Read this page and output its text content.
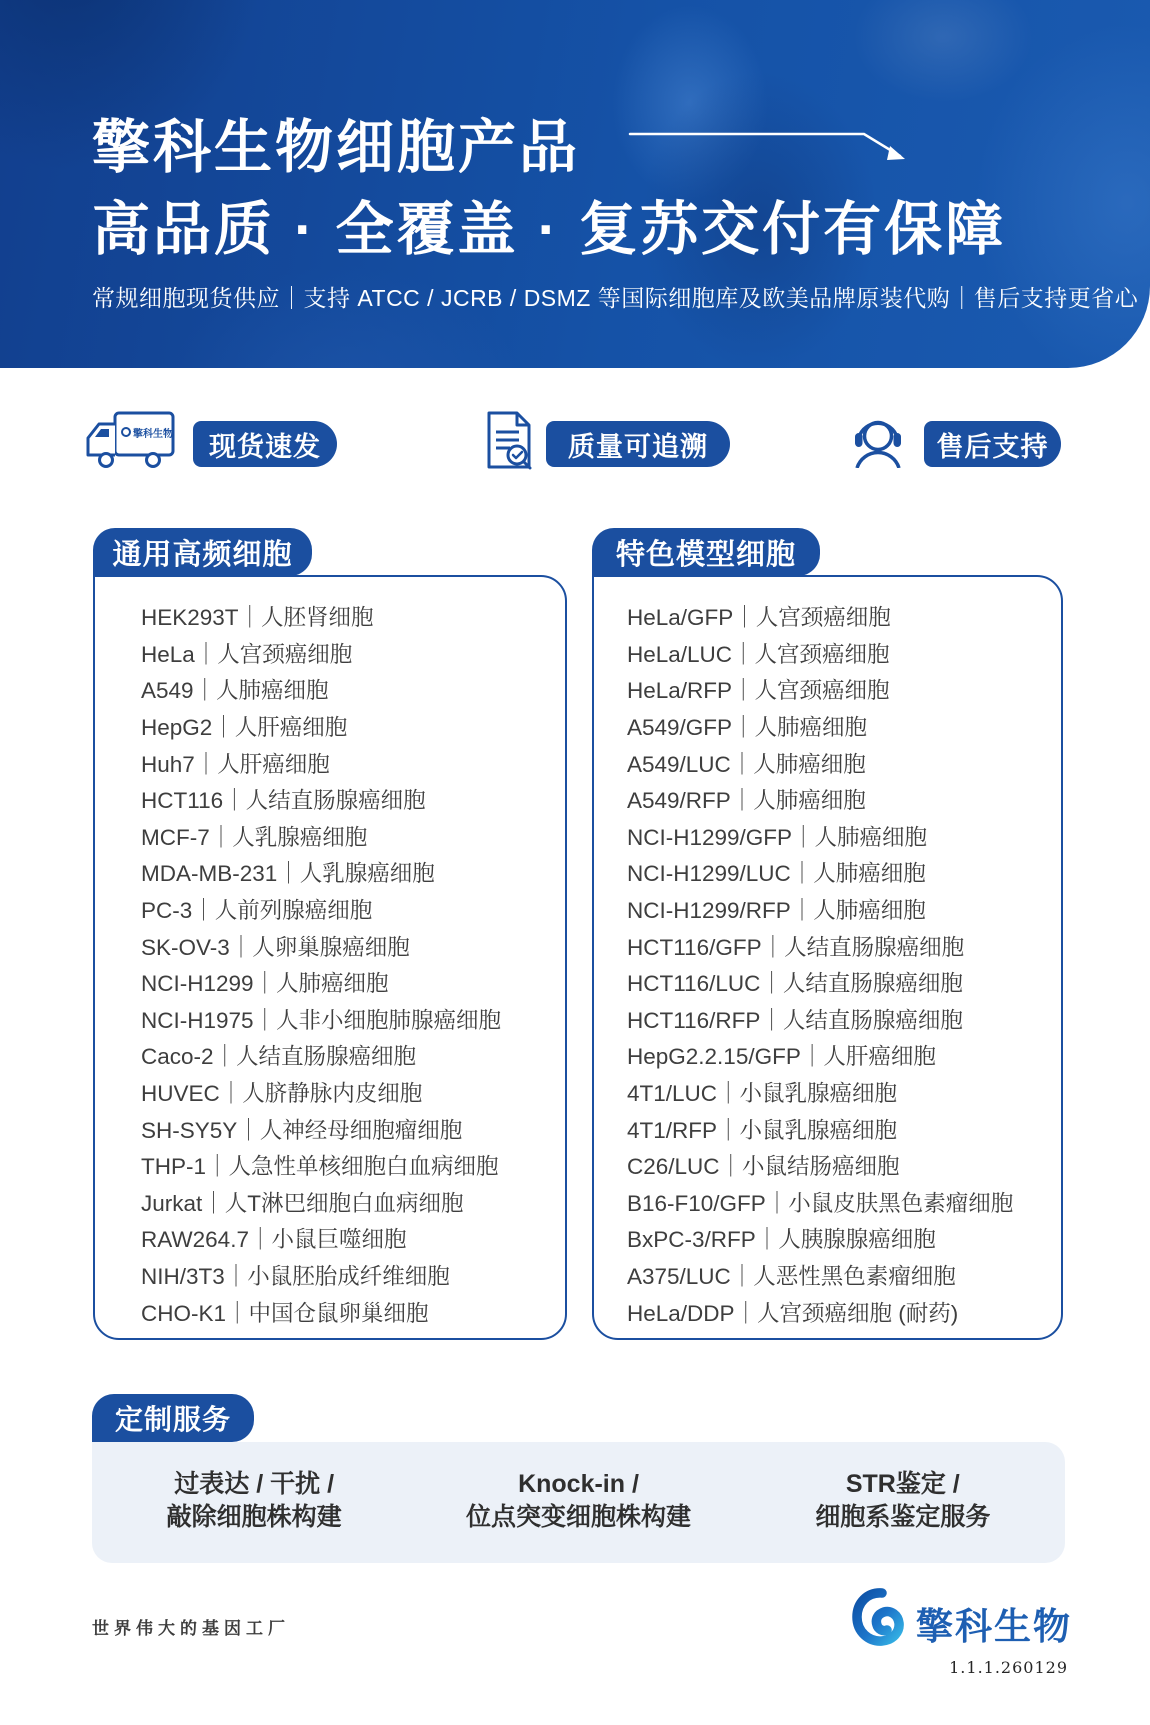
擎科生物细胞产品
高品质 · 全覆盖 · 复苏交付有保障
常规细胞现货供应｜支持 ATCC / JCRB / DSMZ 等国际细胞库及欧美品牌原装代购｜售后支持更省心
擎科生物	现货速发	质量可追溯	售后支持
通用高频细胞
HEK293T｜人胚肾细胞
HeLa｜人宫颈癌细胞
A549｜人肺癌细胞
HepG2｜人肝癌细胞
Huh7｜人肝癌细胞
HCT116｜人结直肠腺癌细胞
MCF-7｜人乳腺癌细胞
MDA-MB-231｜人乳腺癌细胞
PC-3｜人前列腺癌细胞
SK-OV-3｜人卵巢腺癌细胞
NCI-H1299｜人肺癌细胞
NCI-H1975｜人非小细胞肺腺癌细胞
Caco-2｜人结直肠腺癌细胞
HUVEC｜人脐静脉内皮细胞
SH-SY5Y｜人神经母细胞瘤细胞
THP-1｜人急性单核细胞白血病细胞
Jurkat｜人T淋巴细胞白血病细胞
RAW264.7｜小鼠巨噬细胞
NIH/3T3｜小鼠胚胎成纤维细胞
CHO-K1｜中国仓鼠卵巢细胞
特色模型细胞
HeLa/GFP｜人宫颈癌细胞
HeLa/LUC｜人宫颈癌细胞
HeLa/RFP｜人宫颈癌细胞
A549/GFP｜人肺癌细胞
A549/LUC｜人肺癌细胞
A549/RFP｜人肺癌细胞
NCI-H1299/GFP｜人肺癌细胞
NCI-H1299/LUC｜人肺癌细胞
NCI-H1299/RFP｜人肺癌细胞
HCT116/GFP｜人结直肠腺癌细胞
HCT116/LUC｜人结直肠腺癌细胞
HCT116/RFP｜人结直肠腺癌细胞
HepG2.2.15/GFP｜人肝癌细胞
4T1/LUC｜小鼠乳腺癌细胞
4T1/RFP｜小鼠乳腺癌细胞
C26/LUC｜小鼠结肠癌细胞
B16-F10/GFP｜小鼠皮肤黑色素瘤细胞
BxPC-3/RFP｜人胰腺腺癌细胞
A375/LUC｜人恶性黑色素瘤细胞
HeLa/DDP｜人宫颈癌细胞 (耐药)
定制服务
过表达 / 干扰 /
敲除细胞株构建
Knock-in /
位点突变细胞株构建
STR鉴定 /
细胞系鉴定服务
世界伟大的基因工厂	擎科生物
1.1.1.260129
